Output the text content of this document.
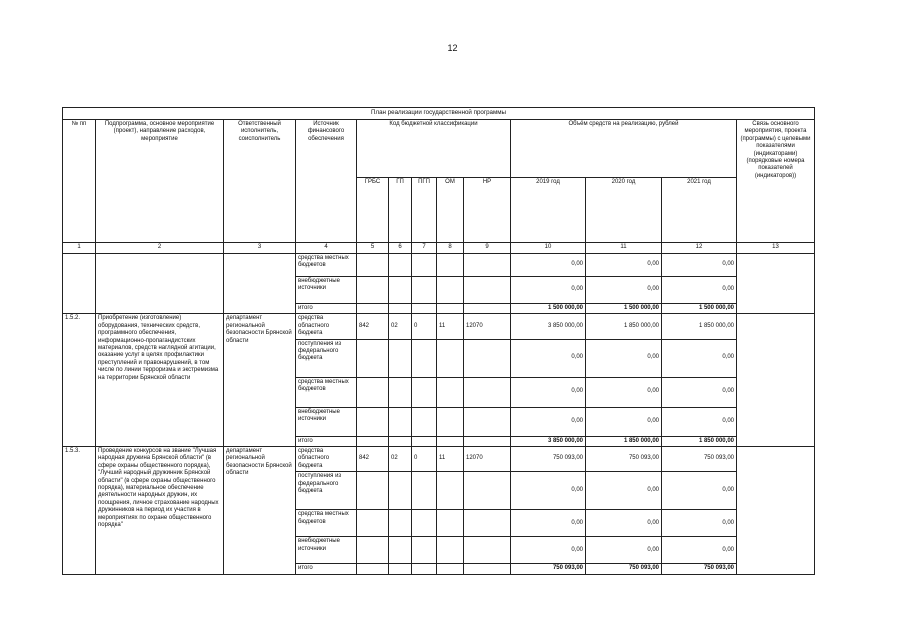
12
План реализации государственной программы												
№ пп	Подпрограмма, основное мероприятие (проект), направление расходов, мероприятие	Ответственный исполнитель, соисполнитель	Источник финансового обеспечения	Код бюджетной классификации					Объём средств на реализацию, рублей			Связь основного мероприятия, проекта (программы) с целевыми показателями (индикаторами) (порядковые номера показателей (индикаторов))
				ГРБС	ГП	ПГП	ОМ	НР	2019 год	2020 год	2021 год	
1	2	3	4	5	6	7	8	9	10	11	12	13
			средства местных бюджетов						0,00	0,00	0,00	
			внебюджетные источники						0,00	0,00	0,00	
			итого						1 500 000,00	1 500 000,00	1 500 000,00	
1.5.2.	Приобретение (изготовление) оборудования, технических средств, программного обеспечения, информационно-пропагандистских материалов, средств наглядной агитации, оказание услуг в целях профилактики преступлений и правонарушений, в том числе по линии терроризма и экстремизма на территории Брянской области	департамент региональной безопасности Брянской области	средства областного бюджета	842	02	0	11	12070	3 850 000,00	1 850 000,00	1 850 000,00	
			поступления из федерального бюджета						0,00	0,00	0,00	
			средства местных бюджетов						0,00	0,00	0,00	
			внебюджетные источники						0,00	0,00	0,00	
			итого						3 850 000,00	1 850 000,00	1 850 000,00	
1.5.3.	Проведение конкурсов на звание "Лучшая народная дружина Брянской области" (в сфере охраны общественного порядка), "Лучший народный дружинник Брянской области" (в сфере охраны общественного порядка), материальное обеспечение деятельности народных дружин, их поощрения, личное страхование народных дружинников на период их участия в мероприятиях по охране общественного порядка"	департамент региональной безопасности Брянской области	средства областного бюджета	842	02	0	11	12070	750 093,00	750 093,00	750 093,00	
			поступления из федерального бюджета						0,00	0,00	0,00	
			средства местных бюджетов						0,00	0,00	0,00	
			внебюджетные источники						0,00	0,00	0,00	
			итого						750 093,00	750 093,00	750 093,00	
